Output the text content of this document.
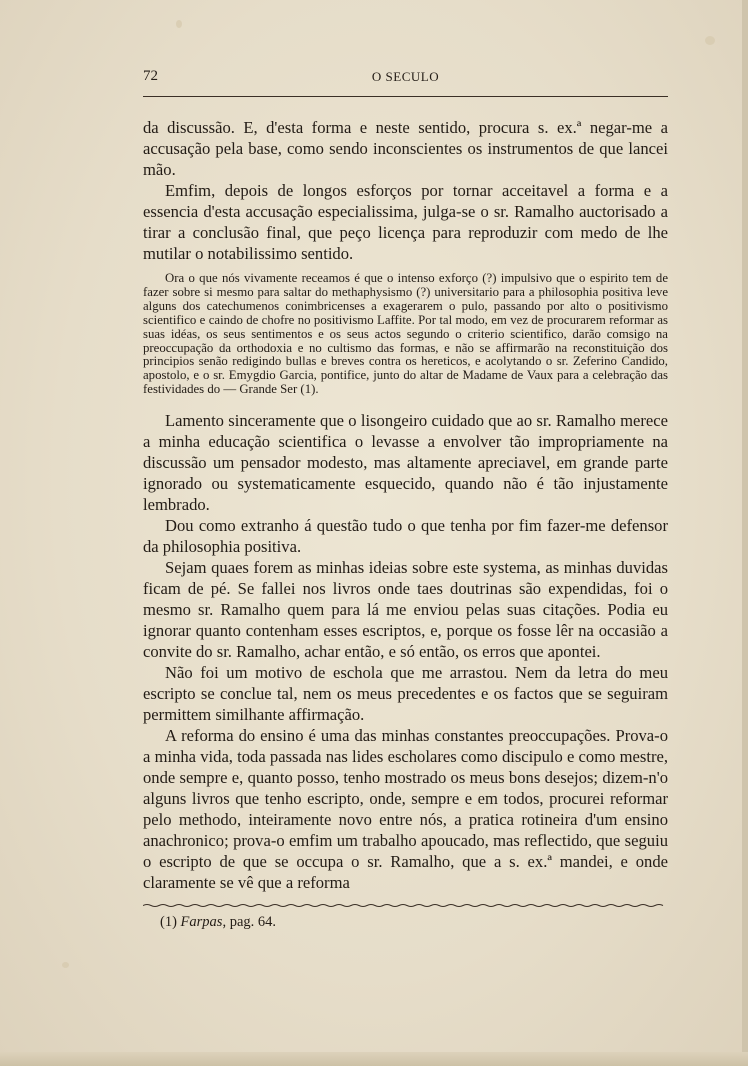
72	O SECULO

da discussão. E, d'esta forma e neste sentido, procura s. ex.ª negar-me a accusação pela base, como sendo inconscientes os instrumentos de que lancei mão.

Emfim, depois de longos esforços por tornar acceitavel a forma e a essencia d'esta accusação especialissima, julga-se o sr. Ramalho auctorisado a tirar a conclusão final, que peço licença para reproduzir com medo de lhe mutilar o notabilissimo sentido.

Ora o que nós vivamente receamos é que o intenso exforço (?) impulsivo que o espirito tem de fazer sobre si mesmo para saltar do methaphysismo (?) universitario para a philosophia positiva leve alguns dos catechumenos conimbricenses a exagerarem o pulo, passando por alto o positivismo scientifico e caindo de chofre no positivismo Laffite. Por tal modo, em vez de procurarem reformar as suas idéas, os seus sentimentos e os seus actos segundo o criterio scientifico, darão comsigo na preoccupação da orthodoxia e no cultismo das formas, e não se affirmarão na reconstituição dos principios senão redigindo bullas e breves contra os hereticos, e acolytando o sr. Zeferino Candido, apostolo, e o sr. Emygdio Garcia, pontifice, junto do altar de Madame de Vaux para a celebração das festividades do — Grande Ser (1).

Lamento sinceramente que o lisongeiro cuidado que ao sr. Ramalho merece a minha educação scientifica o levasse a envolver tão impropriamente na discussão um pensador modesto, mas altamente apreciavel, em grande parte ignorado ou systematicamente esquecido, quando não é tão injustamente lembrado.

Dou como extranho á questão tudo o que tenha por fim fazer-me defensor da philosophia positiva.

Sejam quaes forem as minhas ideias sobre este systema, as minhas duvidas ficam de pé. Se fallei nos livros onde taes doutrinas são expendidas, foi o mesmo sr. Ramalho quem para lá me enviou pelas suas citações. Podia eu ignorar quanto contenham esses escriptos, e, porque os fosse lêr na occasião a convite do sr. Ramalho, achar então, e só então, os erros que apontei.

Não foi um motivo de eschola que me arrastou. Nem da letra do meu escripto se conclue tal, nem os meus precedentes e os factos que se seguiram permittem similhante affirmação.

A reforma do ensino é uma das minhas constantes preoccupações. Prova-o a minha vida, toda passada nas lides escholares como discipulo e como mestre, onde sempre e, quanto posso, tenho mostrado os meus bons desejos; dizem-n'o alguns livros que tenho escripto, onde, sempre e em todos, procurei reformar pelo methodo, inteiramente novo entre nós, a pratica rotineira d'um ensino anachronico; prova-o emfim um trabalho apoucado, mas reflectido, que seguiu o escripto de que se occupa o sr. Ramalho, que a s. ex.ª mandei, e onde claramente se vê que a reforma

(1) Farpas, pag. 64.
